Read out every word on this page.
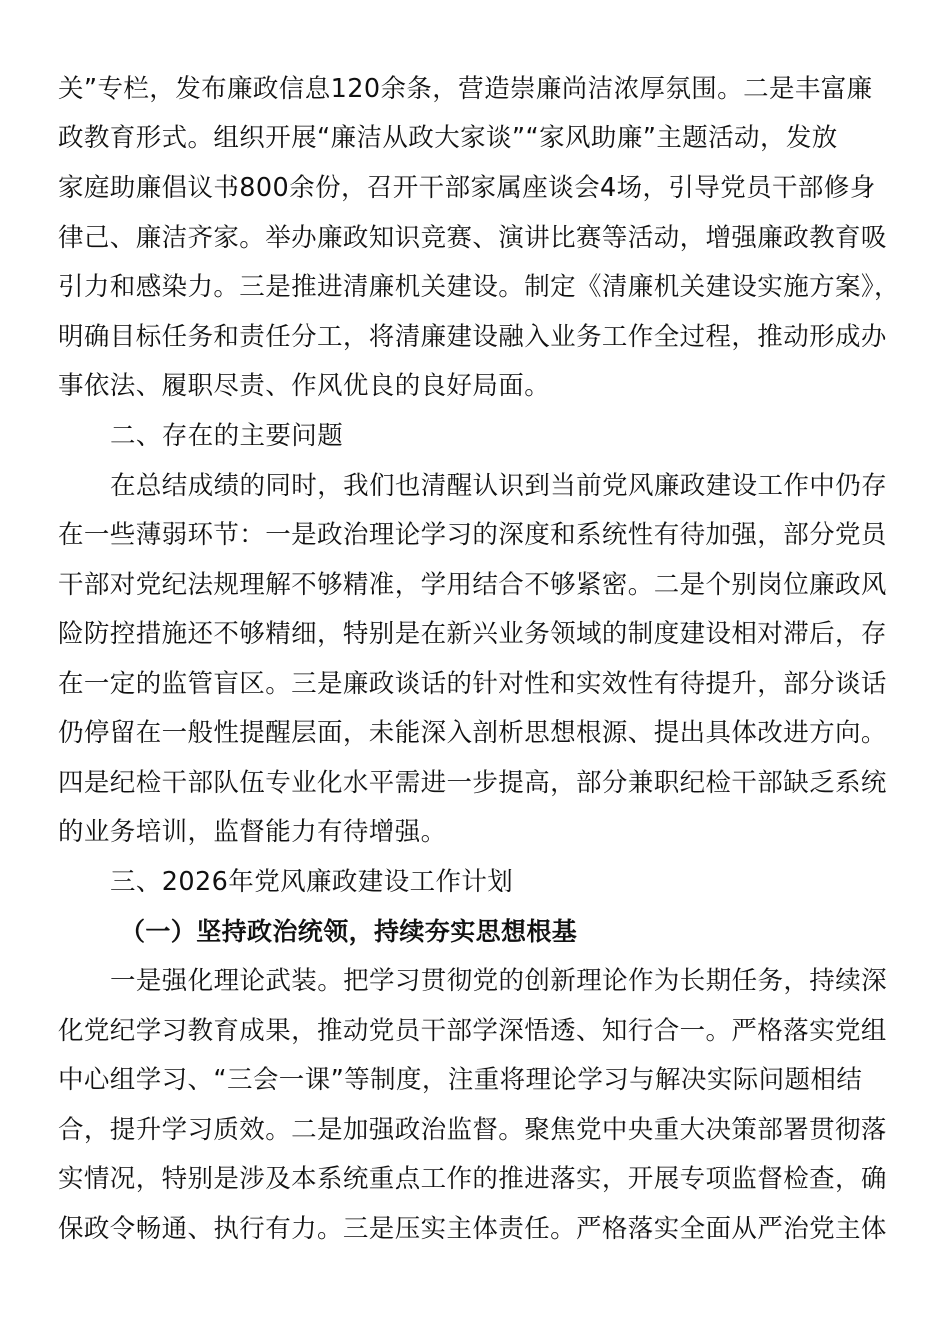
关”专栏，发布廉政信息120余条，营造崇廉尚洁浓厚氛围。二是丰富廉
政教育形式。组织开展“廉洁从政大家谈”“家风助廉”主题活动，发放
家庭助廉倡议书800余份，召开干部家属座谈会4场，引导党员干部修身
律己、廉洁齐家。举办廉政知识竞赛、演讲比赛等活动，增强廉政教育吸
引力和感染力。三是推进清廉机关建设。制定《清廉机关建设实施方案》，
明确目标任务和责任分工，将清廉建设融入业务工作全过程，推动形成办
事依法、履职尽责、作风优良的良好局面。
二、存在的主要问题
在总结成绩的同时，我们也清醒认识到当前党风廉政建设工作中仍存
在一些薄弱环节：一是政治理论学习的深度和系统性有待加强，部分党员
干部对党纪法规理解不够精准，学用结合不够紧密。二是个别岗位廉政风
险防控措施还不够精细，特别是在新兴业务领域的制度建设相对滞后，存
在一定的监管盲区。三是廉政谈话的针对性和实效性有待提升，部分谈话
仍停留在一般性提醒层面，未能深入剖析思想根源、提出具体改进方向。
四是纪检干部队伍专业化水平需进一步提高，部分兼职纪检干部缺乏系统
的业务培训，监督能力有待增强。
三、2026年党风廉政建设工作计划
（一）坚持政治统领，持续夯实思想根基
一是强化理论武装。把学习贯彻党的创新理论作为长期任务，持续深
化党纪学习教育成果，推动党员干部学深悟透、知行合一。严格落实党组
中心组学习、“三会一课”等制度，注重将理论学习与解决实际问题相结
合，提升学习质效。二是加强政治监督。聚焦党中央重大决策部署贯彻落
实情况，特别是涉及本系统重点工作的推进落实，开展专项监督检查，确
保政令畅通、执行有力。三是压实主体责任。严格落实全面从严治党主体
